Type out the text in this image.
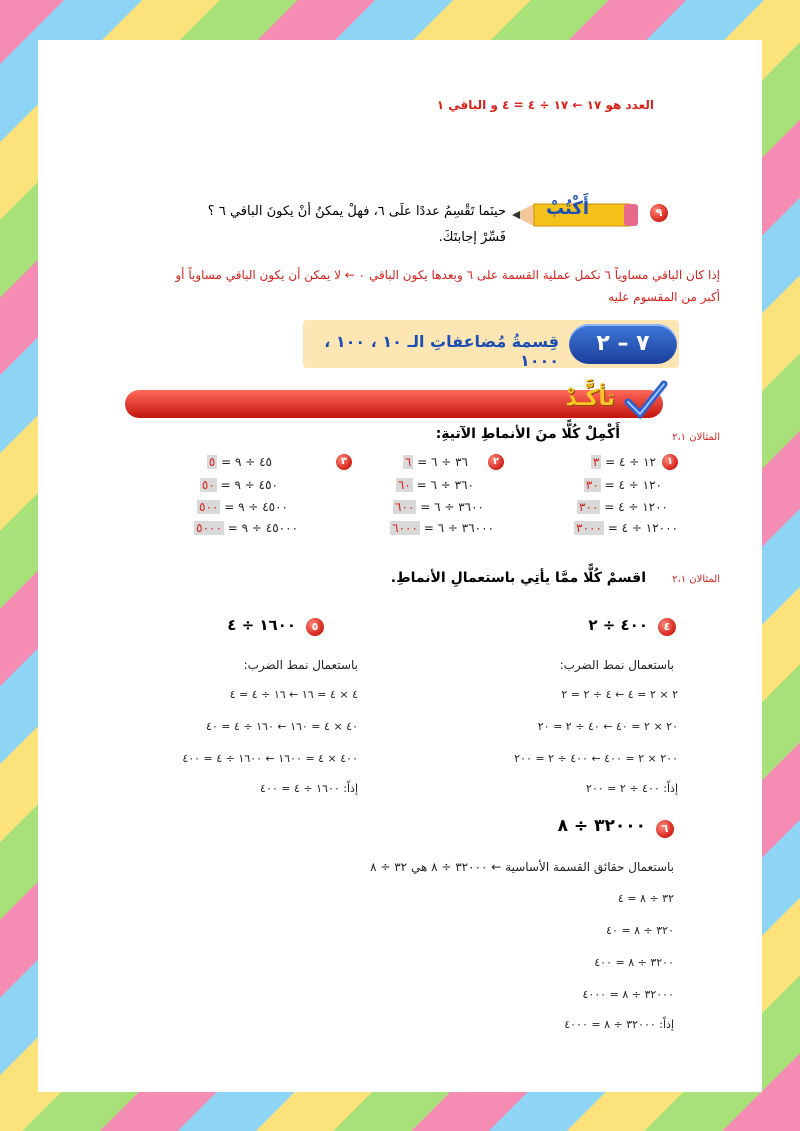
العدد هو ١٧ ← ١٧ ÷ ٤ = ٤ و الباقي ١
٩
أَكْتُبْ
حينَما تَقْسِمُ عددًا علَى ٦، فهلْ يمكنُ أنْ يكونَ الباقي ٦ ؟
فَسِّرْ إجابتَكَ.
إذا كان الباقي مساوياً ٦ نكمل عملية القسمة على ٦ وبعدها يكون الباقي ٠ ← لا يمكن أن يكون الباقي مساوياً أو
أكبر من المقسوم عليه
٧ – ٢
قِسمةُ مُضاعفاتِ الـ ١٠ ، ١٠٠ ، ١٠٠٠
تأكَّـدْ
أَكْمِلْ كُلًّا منَ الأنماطِ الآتيةِ:	المثالان ٢،١
١
١٢ ÷ ٤ = ٣
١٢٠ ÷ ٤ = ٣٠
١٢٠٠ ÷ ٤ = ٣٠٠
١٢٠٠٠ ÷ ٤ = ٣٠٠٠
٢
٣٦ ÷ ٦ = ٦
٣٦٠ ÷ ٦ = ٦٠
٣٦٠٠ ÷ ٦ = ٦٠٠
٣٦٠٠٠ ÷ ٦ = ٦٠٠٠
٣
٤٥ ÷ ٩ = ٥
٤٥٠ ÷ ٩ = ٥٠
٤٥٠٠ ÷ ٩ = ٥٠٠
٤٥٠٠٠ ÷ ٩ = ٥٠٠٠
اقسمْ كُلًّا ممَّا يأتِي باستعمالِ الأنماطِ.	المثالان ٢،١
٤
٤٠٠ ÷ ٢
باستعمال نمط الضرب:
٢ × ٢ = ٤ ← ٤ ÷ ٢ = ٢
٢٠ × ٢ = ٤٠ ← ٤٠ ÷ ٢ = ٢٠
٢٠٠ × ٢ = ٤٠٠ ← ٤٠٠ ÷ ٢ = ٢٠٠
إذاً: ٤٠٠ ÷ ٢ = ٢٠٠
٥
١٦٠٠ ÷ ٤
باستعمال نمط الضرب:
٤ × ٤ = ١٦ ← ١٦ ÷ ٤ = ٤
٤٠ × ٤ = ١٦٠ ← ١٦٠ ÷ ٤ = ٤٠
٤٠٠ × ٤ = ١٦٠٠ ← ١٦٠٠ ÷ ٤ = ٤٠٠
إذاً: ١٦٠٠ ÷ ٤ = ٤٠٠
٦
٣٢٠٠٠ ÷ ٨
باستعمال حقائق القسمة الأساسية ← ٣٢٠٠٠ ÷ ٨ هي ٣٢ ÷ ٨
٣٢ ÷ ٨ = ٤
٣٢٠ ÷ ٨ = ٤٠
٣٢٠٠ ÷ ٨ = ٤٠٠
٣٢٠٠٠ ÷ ٨ = ٤٠٠٠
إذاً: ٣٢٠٠٠ ÷ ٨ = ٤٠٠٠
